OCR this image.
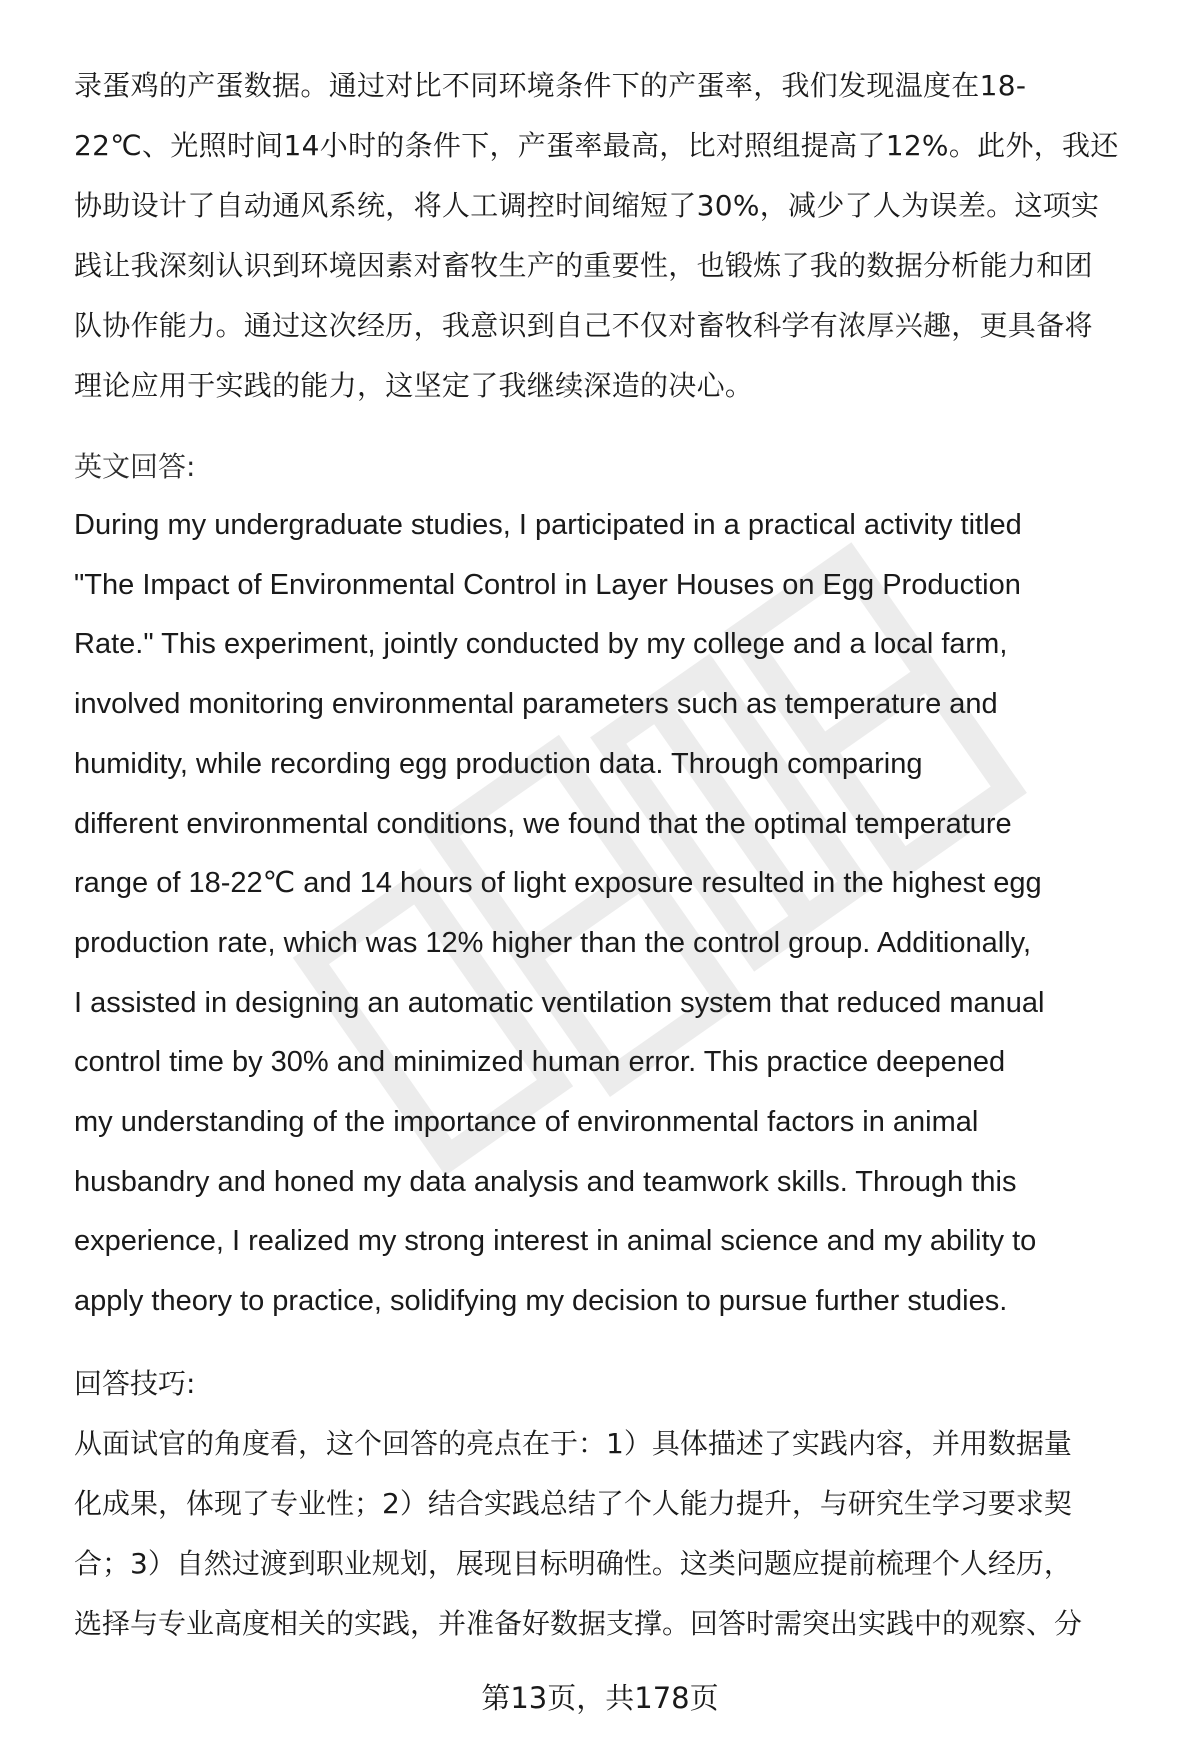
录蛋鸡的产蛋数据。通过对比不同环境条件下的产蛋率，我们发现温度在18-
22℃、光照时间14小时的条件下，产蛋率最高，比对照组提高了12%。此外，我还
协助设计了自动通风系统，将人工调控时间缩短了30%，减少了人为误差。这项实
践让我深刻认识到环境因素对畜牧生产的重要性，也锻炼了我的数据分析能力和团
队协作能力。通过这次经历，我意识到自己不仅对畜牧科学有浓厚兴趣，更具备将
理论应用于实践的能力，这坚定了我继续深造的决心。

英文回答:

During my undergraduate studies, I participated in a practical activity titled
"The Impact of Environmental Control in Layer Houses on Egg Production
Rate." This experiment, jointly conducted by my college and a local farm,
involved monitoring environmental parameters such as temperature and
humidity, while recording egg production data. Through comparing
different environmental conditions, we found that the optimal temperature
range of 18-22℃ and 14 hours of light exposure resulted in the highest egg
production rate, which was 12% higher than the control group. Additionally,
I assisted in designing an automatic ventilation system that reduced manual
control time by 30% and minimized human error. This practice deepened
my understanding of the importance of environmental factors in animal
husbandry and honed my data analysis and teamwork skills. Through this
experience, I realized my strong interest in animal science and my ability to
apply theory to practice, solidifying my decision to pursue further studies.

回答技巧:

从面试官的角度看，这个回答的亮点在于：1）具体描述了实践内容，并用数据量
化成果，体现了专业性；2）结合实践总结了个人能力提升，与研究生学习要求契
合；3）自然过渡到职业规划，展现目标明确性。这类问题应提前梳理个人经历，
选择与专业高度相关的实践，并准备好数据支撑。回答时需突出实践中的观察、分

第13页，共178页
